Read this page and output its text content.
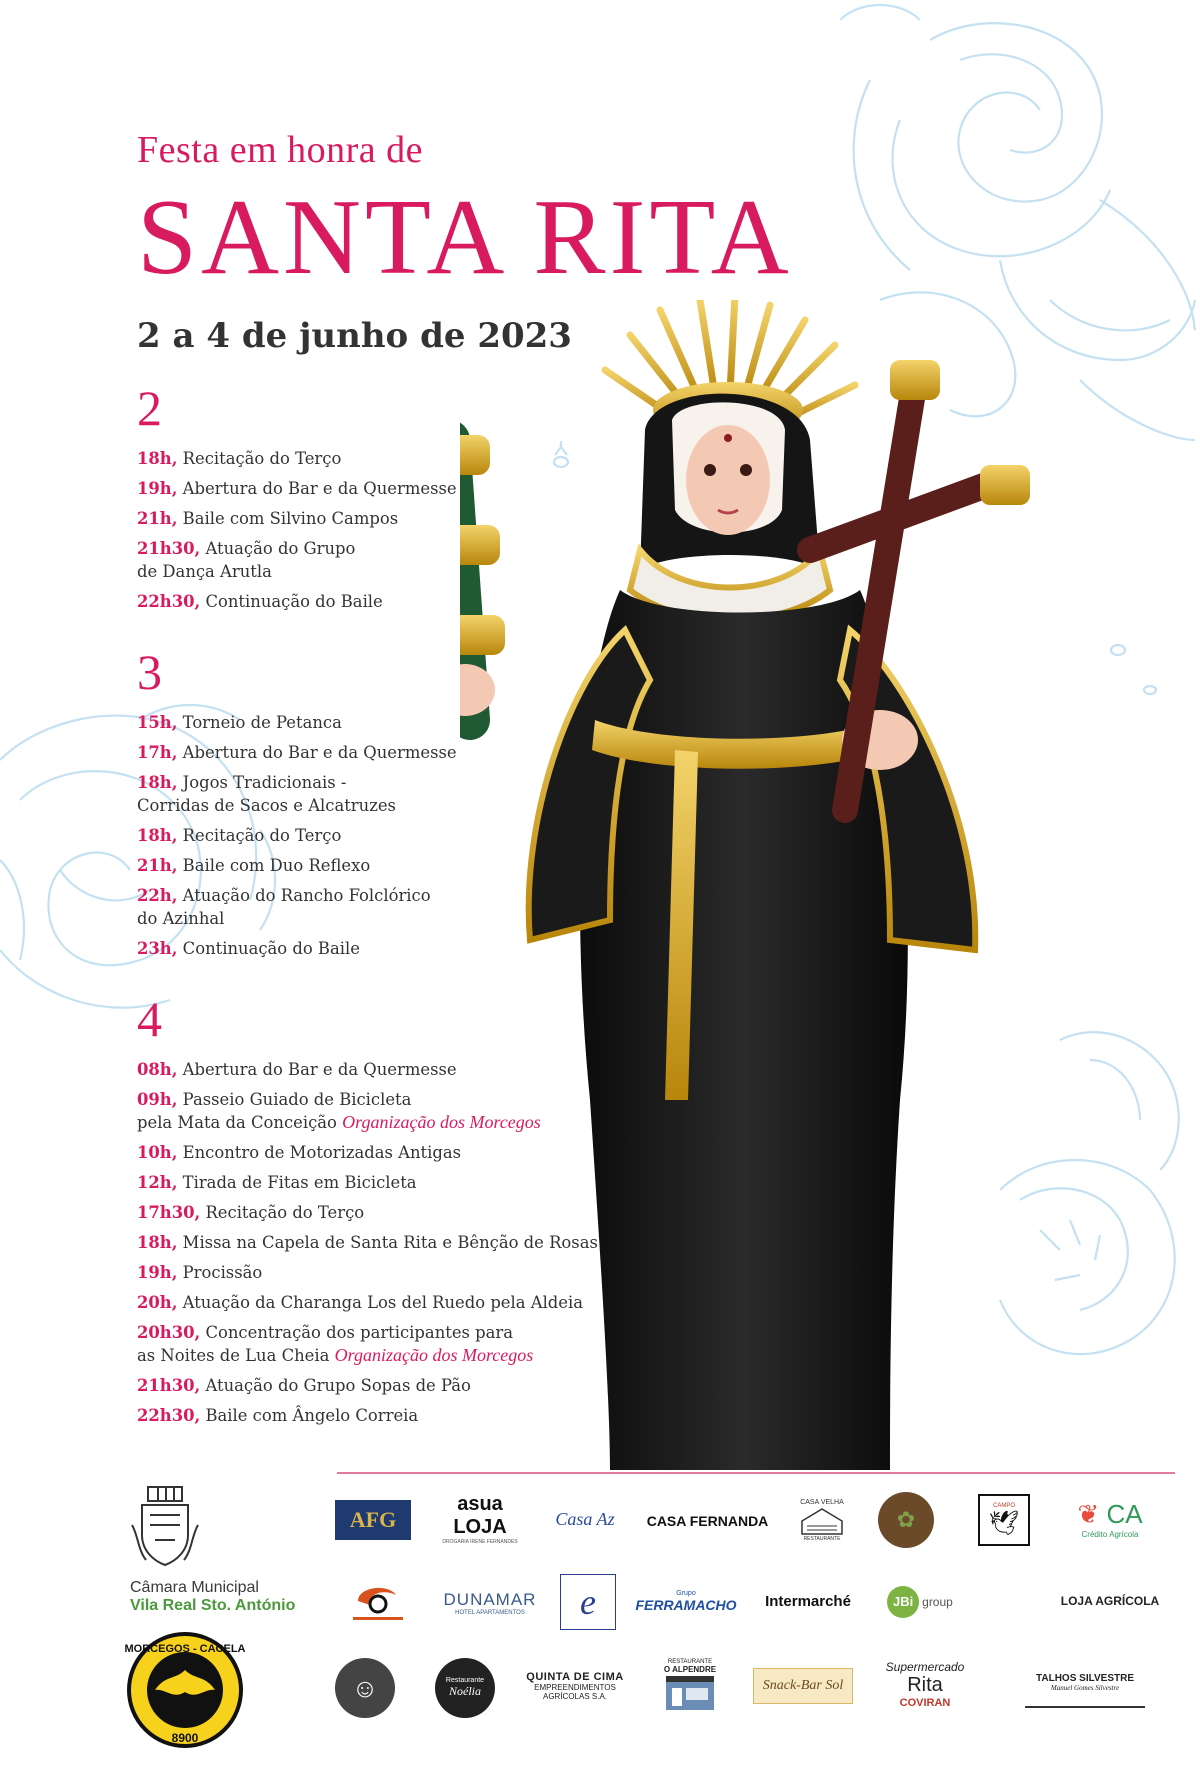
Festa em honra de
SANTA RITA
2 a 4 de junho de 2023
2
18h, Recitação do Terço
19h, Abertura do Bar e da Quermesse
21h, Baile com Silvino Campos
21h30, Atuação do Grupo
de Dança Arutla
22h30, Continuação do Baile
3
15h, Torneio de Petanca
17h, Abertura do Bar e da Quermesse
18h, Jogos Tradicionais -
Corridas de Sacos e Alcatruzes
18h, Recitação do Terço
21h, Baile com Duo Reflexo
22h, Atuação do Rancho Folclórico
do Azinhal
23h, Continuação do Baile
4
08h, Abertura do Bar e da Quermesse
09h, Passeio Guiado de Bicicleta
pela Mata da Conceição Organização dos Morcegos
10h, Encontro de Motorizadas Antigas
12h, Tirada de Fitas em Bicicleta
17h30, Recitação do Terço
18h, Missa na Capela de Santa Rita e Bênção de Rosas
19h, Procissão
20h, Atuação da Charanga Los del Ruedo pela Aldeia
20h30, Concentração dos participantes para
as Noites de Lua Cheia Organização dos Morcegos
21h30, Atuação do Grupo Sopas de Pão
22h30, Baile com Ângelo Correia
Câmara Municipal
Vila Real Sto. António
MORCEGOS - CACELA
8900
AFG
asua LOJA
DROGARIA IRENE FERNANDES
Casa Az CASA FERNANDA
CASA VELHA
RESTAURANTE
✿
CAMPO
🕊 ❦ CA
Crédito Agrícola
DUNAMAR
HOTEL APARTAMENTOS e	Grupo
FERRAMACHO Intermarché	JBi group	LOJA AGRÍCOLA
☺	Restaurante
Noélia
QUINTA DE CIMA
EMPREENDIMENTOS
AGRÍCOLAS S.A.
RESTAURANTE
O ALPENDRE
Snack-Bar Sol
Supermercado
Rita
COVIRAN
TALHOS SILVESTRE
Manuel Gomes Silvestre
